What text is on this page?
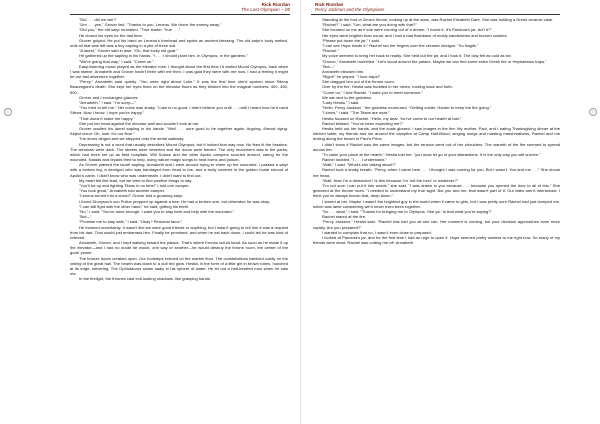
Rick Riordan
The Last Olympian ~ 05
○

"Did . . . did we win?"

"Um . . . yes," Grover lied. "Thanks to you, Leneus. We drove the enemy away."

"Did you," the old satyr mumbled. "True leader. True . . ."

He closed his eyes for the last time.

Grover gulped. He put his hand on Leneus's forehead and spoke an ancient blessing. The old satyr's body melted, until all that was left was a tiny sapling in a pile of fresh soil.

"A laurel," Grover said in awe. "Oh, that lucky old goat."

He gathered up the sapling in his hands. "I . . . I should plant him. In Olympus, in the gardens."

"We're going that way," I said. "Come on."

Easy-listening music played as the elevator rose. I thought about the first time I'd visited Mount Olympus, back when I was twelve. Annabeth and Grover hadn't been with me then. I was glad they were with me now. I had a feeling it might be our last adventure together.

"Percy," Annabeth said quietly. "You were right about Luke." It was the first time she'd spoken since Silena Beauregard's death. She kept her eyes fixed on the elevator floors as they blinked into the magical numbers: 400, 450, 500.

Grover and I exchanged glances.

"Annabeth," I said. "I'm sorry—"

"You tried to tell me." Her voice was shaky. "Luke is no good. I didn't believe you until . . . until I heard how he'd used Silena. Now I know. I hope you're happy."

"That doesn't make me happy."

She put her head against the elevator wall and wouldn't look at me.

Grover cradled his laurel sapling in his hands. "Well . . . sure good to be together again. Arguing. Almost dying. Abject terror. Oh, look. It's our floor."

The doors dinged and we stepped onto the aerial walkway.

Depressing is not a word that usually describes Mount Olympus, but it looked that way now. No fires lit the braziers. The windows were dark. The streets were deserted and the doors were barred. The only movement was in the parks, which had been set up as field hospitals. Will Solace and the other Apollo campers scurried around, caring for the wounded. Naiads and dryads tried to help, using nature magic songs to heal burns and poison.

As Grover planted the laurel sapling, Annabeth and I went around trying to cheer up the wounded. I passed a satyr with a broken leg, a demigod who was bandaged from head to toe, and a body covered in the golden burial shroud of Apollo's cabin. I didn't know who was underneath. I didn't want to find out.

My heart felt like lead, but we tried to find positive things to say.

"You'll be up and fighting Titans in no time!" I told one camper.

"You look great," Annabeth told another camper.

"Leneus turned into a shrub!" Grover told a groaning satyr.

I found Dionysus's son Pollux propped up against a tree. He had a broken arm, but otherwise he was okay.

"I can still fight with the other hand," he said, gritting his teeth.

"No," I said. "You've done enough. I want you to stay here and help with the wounded."

"But—"

"Promise me to stay safe," I said. "Okay? Personal favor."

He frowned uncertainly. It wasn't like we were good friends or anything, but I wasn't going to tell him it was a request from his dad. That would just embarrass him. Finally he promised, and when he sat back down, I could tell he was kind of relieved.

Annabeth, Grover, and I kept walking toward the palace. That's where Kronos would head. As soon as he made it up the elevator—and I had no doubt he would, one way or another—he would destroy the throne room, the center of the gods' power.

The bronze doors creaked open. Our footsteps echoed on the marble floor. The constellations twinkled coldly on the ceiling of the great hall. The hearth was down to a dull red glow. Hestia, in the form of a little girl in brown robes, hunched at its edge, shivering. The Ophiotaurus swam sadly in his sphere of water. He let out a half-hearted moo when he saw me.

In the firelight, the thrones cast evil-looking shadows, like grasping hands.

Rick Riordan
Percy Jackson and the Olympians
○

Standing at the foot of Zeus's throne, looking up at the stars, was Rachel Elizabeth Dare. She was holding a Greek ceramic vase.

"Rachel?" I said. "Um, what are you doing with that?"

She focused on me as if she were coming out of a dream. "I found it. It's Pandora's jar, isn't it?"

Her eyes were brighter than usual, and I had a bad flashback of moldy sandwiches and burned cookies.

"Please put down the jar," I said.

"I can see Hope inside it." Rachel ran her fingers over the ceramic designs. "So fragile."

"Rachel."

My voice seemed to bring her back to reality. She held out the jar, and I took it. The clay felt as cold as ice.

"Grover," Annabeth mumbled. "Let's scout around the palace. Maybe we can find some extra Greek fire or Hephaestus traps."

"But—"

Annabeth elbowed him.

"Right!" he yelped. "I love traps!"

She dragged him out of the throne room.

Over by the fire, Hestia was huddled in her robes, rocking back and forth.

"Come on," I told Rachel. "I want you to meet someone."

We sat next to the goddess.

"Lady Hestia," I said.

"Hello, Percy Jackson," the goddess murmured. "Getting colder. Harder to keep the fire going."

"I know," I said. "The Titans are near."

Hestia focused on Rachel. "Hello, my dear. You've come to our hearth at last."

Rachel blinked. "You've been expecting me?"

Hestia held out her hands, and the coals glowed. I saw images in the fire: My mother, Paul, and I eating Thanksgiving dinner at the kitchen table; my friends and me around the campfire at Camp Half-Blood, singing songs and roasting marshmallows; Rachel and me driving along the beach in Paul's Prius.

I didn't know if Rachel saw the same images, but the tension went out of her shoulders. The warmth of the fire seemed to spread across her.

"To claim your place at the hearth," Hestia told her, "you must let go of your distractions. It is the only way you will survive."

Rachel nodded. "I . . . I understand."

"Wait," I said. "What's she talking about?"

Rachel took a shaky breath. "Percy, when I came here . . . I thought I was coming for you. But I wasn't. You and me . . ." She shook her head.

"Wait. Now I'm a distraction? Is this because I'm 'not the hero' or whatever?"

"I'm not sure I can put it into words," she said. "I was drawn to you because . . . because you opened the door to all of this." She gestured at the throne room. "I needed to understand my true sight. But you and me, that wasn't part of it. Our fates aren't intertwined. I think you've always known that, deep down."

I stared at her. Maybe I wasn't the brightest guy in the world when it came to girls, but I was pretty sure Rachel had just dumped me, which was lame considering we'd never even been together.

"So . . . what," I said. "Thanks for bringing me to Olympus. See ya.' Is that what you're saying?"

Rachel stared at the fire.

"Percy Jackson," Hestia said. "Rachel has told you all she can. Her moment is coming, but your decision approaches even more rapidly. Are you prepared?"

I wanted to complain that no, I wasn't even close to prepared.

I looked at Pandora's jar, and for the first time I had an urge to open it. Hope seemed pretty useless to me right now. So many of my friends were dead. Rachel was cutting me off. Annabeth
